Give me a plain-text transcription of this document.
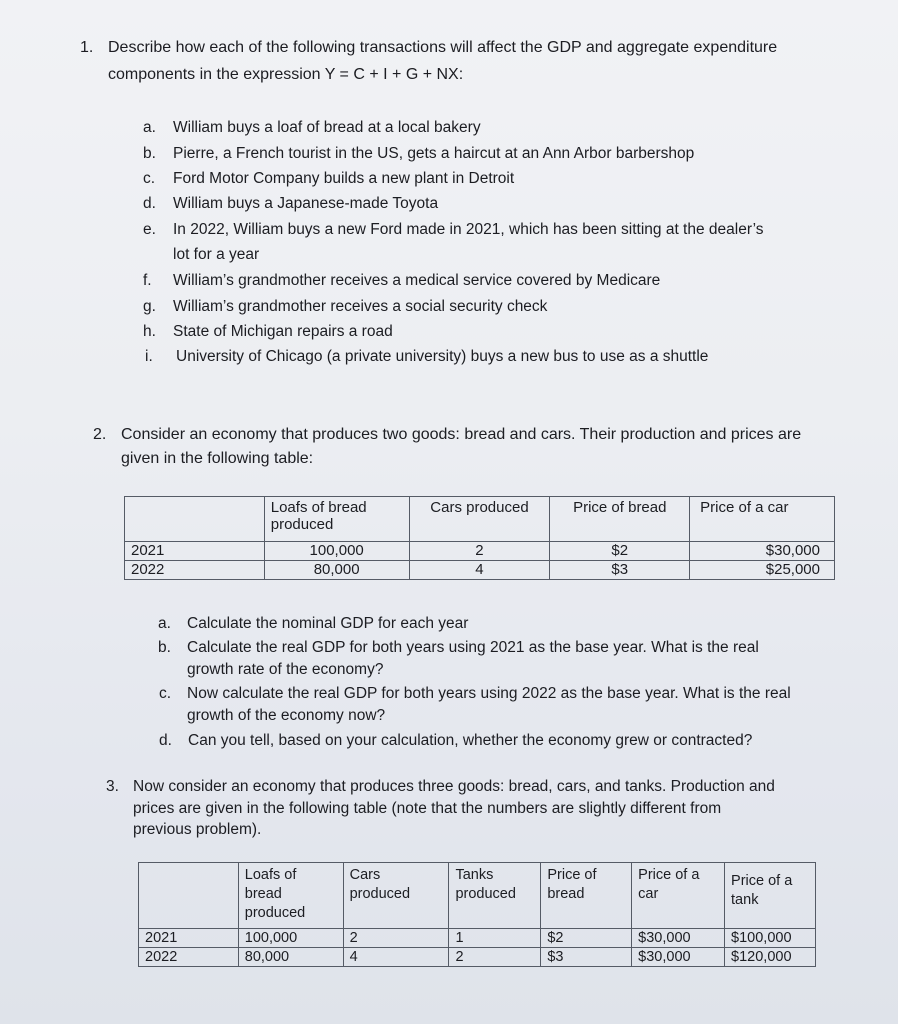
1. Describe how each of the following transactions will affect the GDP and aggregate expenditure
components in the expression Y = C + I + G + NX:
a. William buys a loaf of bread at a local bakery
b. Pierre, a French tourist in the US, gets a haircut at an Ann Arbor barbershop
c. Ford Motor Company builds a new plant in Detroit
d. William buys a Japanese-made Toyota
e. In 2022, William buys a new Ford made in 2021, which has been sitting at the dealer’s
lot for a year
f. William’s grandmother receives a medical service covered by Medicare
g. William’s grandmother receives a social security check
h. State of Michigan repairs a road
i. University of Chicago (a private university) buys a new bus to use as a shuttle
2. Consider an economy that produces two goods: bread and cars. Their production and prices are
given in the following table:

	Loafs of bread
produced	Cars produced	Price of bread	Price of a car
2021	100,000	2	$2	$30,000
2022	80,000	4	$3	$25,000
a. Calculate the nominal GDP for each year
b. Calculate the real GDP for both years using 2021 as the base year. What is the real
growth rate of the economy?
c. Now calculate the real GDP for both years using 2022 as the base year. What is the real
growth of the economy now?
d. Can you tell, based on your calculation, whether the economy grew or contracted?
3. Now consider an economy that produces three goods: bread, cars, and tanks. Production and
prices are given in the following table (note that the numbers are slightly different from
previous problem).

	Loafs of
bread
produced	Cars
produced	Tanks
produced	Price of
bread	Price of a
car	Price of a
tank

2021	100,000	2	1	$2	$30,000	$100,000
2022	80,000	4	2	$3	$30,000	$120,000
